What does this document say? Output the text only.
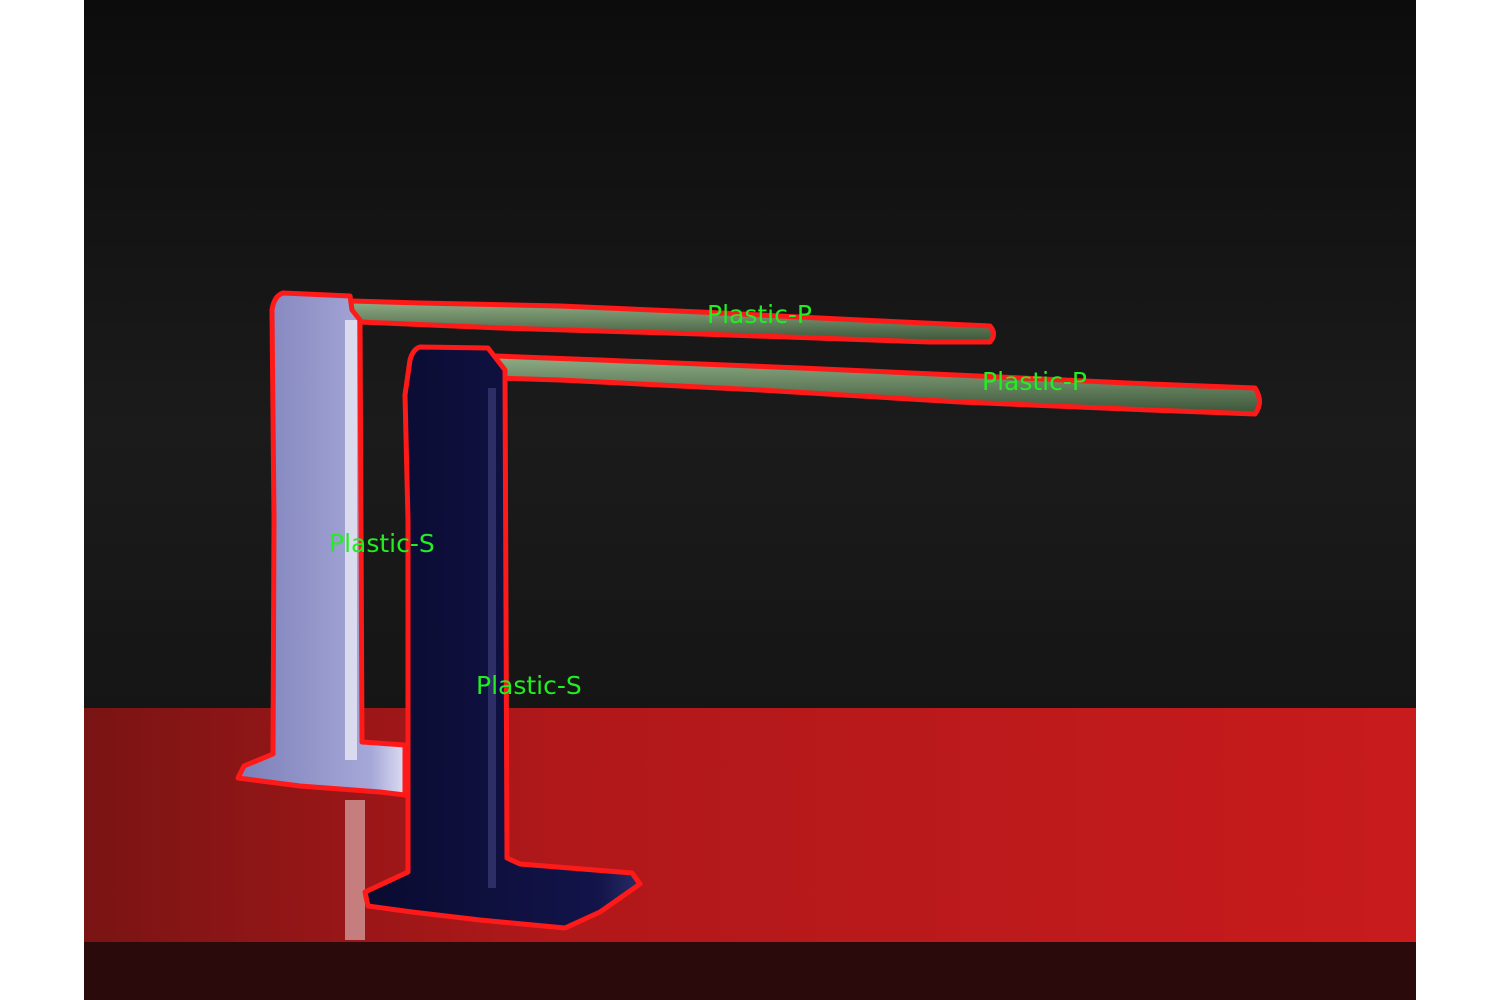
Plastic-P
Plastic-P
Plastic-S
Plastic-S
